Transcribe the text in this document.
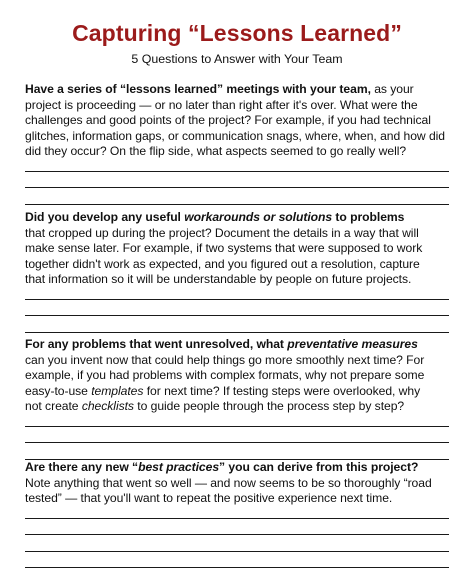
Capturing “Lessons Learned”
5 Questions to Answer with Your Team

Have a series of “lessons learned” meetings with your team, as your
project is proceeding — or no later than right after it's over. What were the
challenges and good points of the project? For example, if you had technical
glitches, information gaps, or communication snags, where, when, and how did
did they occur? On the flip side, what aspects seemed to go really well?

Did you develop any useful workarounds or solutions to problems
that cropped up during the project? Document the details in a way that will
make sense later. For example, if two systems that were supposed to work
together didn't work as expected, and you figured out a resolution, capture
that information so it will be understandable by people on future projects.

For any problems that went unresolved, what preventative measures
can you invent now that could help things go more smoothly next time? For
example, if you had problems with complex formats, why not prepare some
easy-to-use templates for next time? If testing steps were overlooked, why
not create checklists to guide people through the process step by step?

Are there any new “best practices” you can derive from this project?
Note anything that went so well — and now seems to be so thoroughly “road
tested” — that you'll want to repeat the positive experience next time.
